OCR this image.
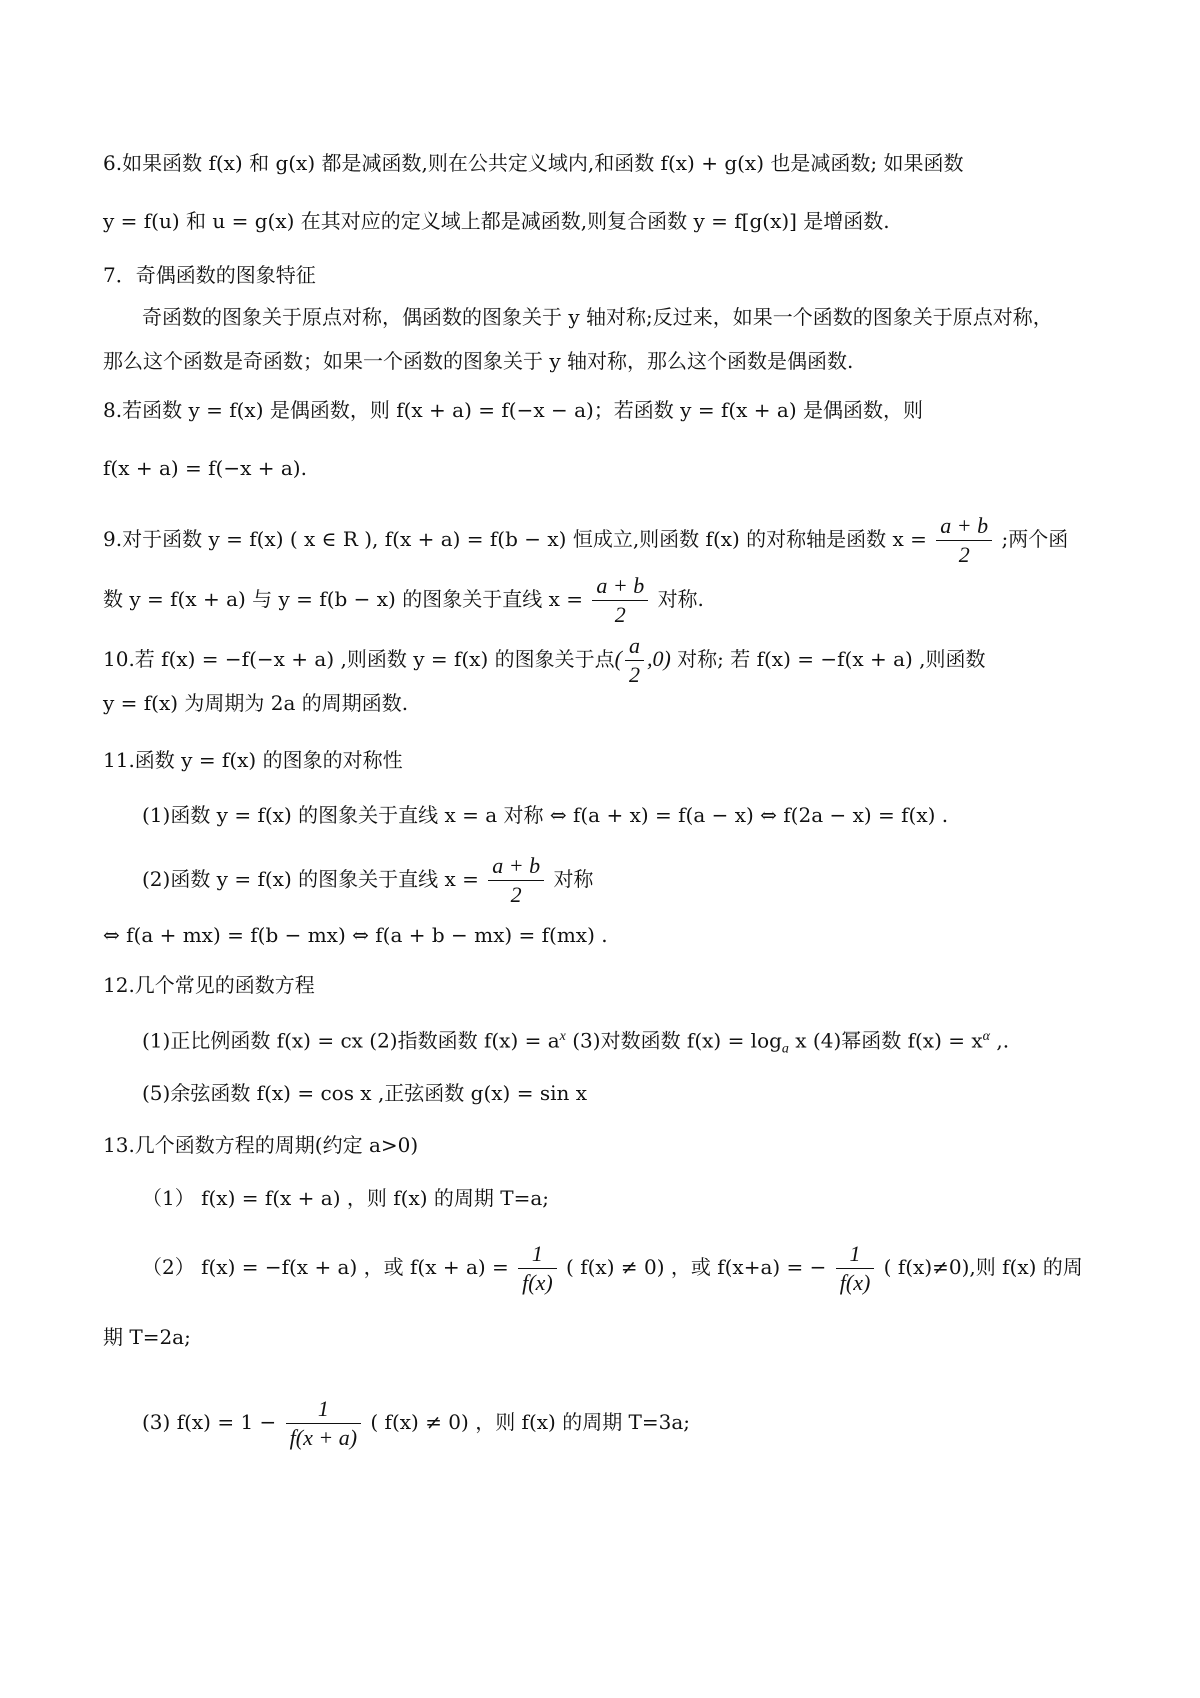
6.如果函数 f(x) 和 g(x) 都是减函数,则在公共定义域内,和函数 f(x) + g(x) 也是减函数; 如果函数
y = f(u) 和 u = g(x) 在其对应的定义域上都是减函数,则复合函数 y = f[g(x)] 是增函数.
7．奇偶函数的图象特征
奇函数的图象关于原点对称，偶函数的图象关于 y 轴对称;反过来，如果一个函数的图象关于原点对称，
那么这个函数是奇函数；如果一个函数的图象关于 y 轴对称，那么这个函数是偶函数.
8.若函数 y = f(x) 是偶函数，则 f(x + a) = f(−x − a)；若函数 y = f(x + a) 是偶函数，则
f(x + a) = f(−x + a).
9.对于函数 y = f(x) ( x ∈ R ), f(x + a) = f(b − x) 恒成立,则函数 f(x) 的对称轴是函数 $x = \frac{a + b}{2}$ ;两个函
数 y = f(x + a) 与 y = f(b − x) 的图象关于直线 $x = \frac{a + b}{2}$ 对称.
10.若 f(x) = −f(−x + a) ,则函数 y = f(x) 的图象关于点( $\frac{a}{2} ,0$) 对称; 若 f(x) = −f(x + a) ,则函数
y = f(x) 为周期为 2a 的周期函数.
11.函数 y = f(x) 的图象的对称性
(1)函数 y = f(x) 的图象关于直线 x = a 对称 ⇔ f(a + x) = f(a − x) ⇔ f(2a − x) = f(x) .
(2)函数 y = f(x) 的图象关于直线 $x = \frac{a + b}{2}$ 对称
⇔ f(a + mx) = f(b − mx) ⇔ f(a + b − mx) = f(mx) .
12.几个常见的函数方程
(1)正比例函数 f(x) = cx (2)指数函数 $f(x) = a^x$ (3)对数函数 $f(x) = \log_a x$ (4)幂函数 $f(x) = x^\alpha$ ,.
(5)余弦函数 f(x) = cos x ,正弦函数 g(x) = sin x
13.几个函数方程的周期(约定 a>0)
（1） f(x) = f(x + a) ，则 f(x) 的周期 T=a;
（2） f(x) = −f(x + a) ，或 $f(x + a) = \frac{1}{f(x)}$ ( f(x) ≠ 0) ，或 f(x+a) = − $\frac{1}{f(x)}$ ( f(x)≠0),则 f(x) 的周
期 T=2a;
(3) $f(x) = 1 - \frac{1}{f(x + a)}$ ( f(x) ≠ 0) ，则 f(x) 的周期 T=3a;
